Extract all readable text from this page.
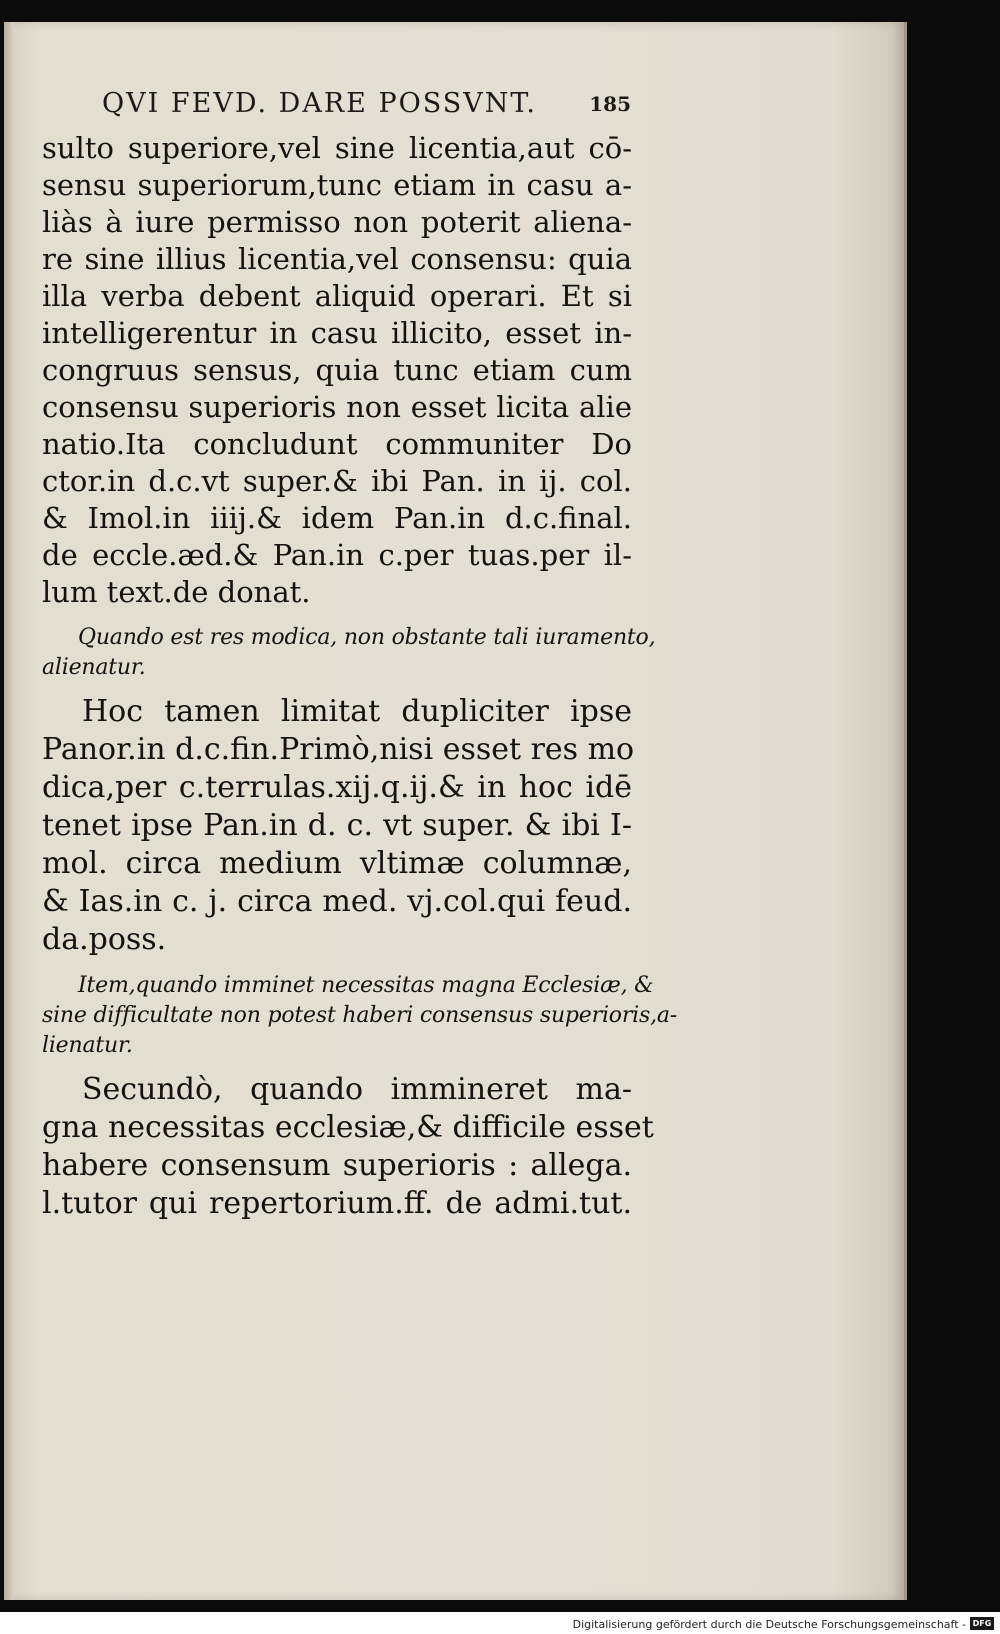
QVI FEVD. DARE POSSVNT.	185
sulto superiore,vel sine licentia,aut cō-
sensu superiorum,tunc etiam in casu a-
liàs à iure permisso non poterit aliena-
re sine illius licentia,vel consensu: quia
illa verba debent aliquid operari. Et si
intelligerentur in casu illicito, esset in-
congruus sensus, quia tunc etiam cum
consensu superioris non esset licita alie
natio.Ita concludunt communiter Do
ctor.in d.c.vt super.& ibi Pan. in ij. col.
& Imol.in iiij.& idem Pan.in d.c.final.
de eccle.æd.& Pan.in c.per tuas.per il-
lum text.de donat.
Quando est res modica, non obstante tali iuramento,
alienatur.
Hoc tamen limitat dupliciter ipse
Panor.in d.c.fin.Primò,nisi esset res mo
dica,per c.terrulas.xij.q.ij.& in hoc idē
tenet ipse Pan.in d. c. vt super. & ibi I-
mol. circa medium vltimæ columnæ,
& Ias.in c. j. circa med. vj.col.qui feud.
da.poss.
Item,quando imminet necessitas magna Ecclesiæ, &
sine difficultate non potest haberi consensus superioris,a-
lienatur.
Secundò, quando immineret ma-
gna necessitas ecclesiæ,& difficile esset
habere consensum superioris : allega.
l.tutor qui repertorium.ff. de admi.tut.
Digitalisierung gefördert durch die Deutsche Forschungsgemeinschaft - DFG
